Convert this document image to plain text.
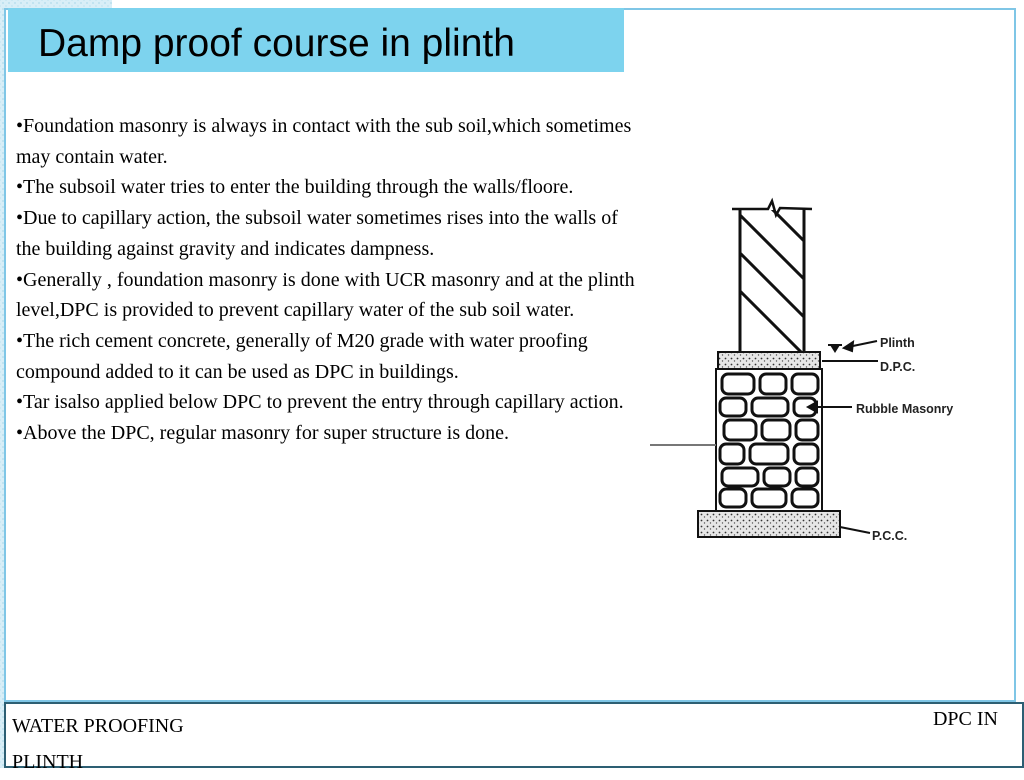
Damp proof course in plinth

•Foundation masonry is always in contact with the sub soil,which sometimes may contain water.

•The subsoil water tries to enter the building through the walls/floore.

•Due to capillary action, the subsoil water sometimes rises into the walls of the building against gravity and indicates dampness.

•Generally , foundation masonry is done with UCR masonry and at the plinth level,DPC is provided to prevent capillary water of the sub soil water.

•The rich cement concrete, generally of M20 grade with water proofing compound added to it can be used as DPC in buildings.

•Tar isalso applied below DPC to prevent the entry through capillary action.

•Above the DPC, regular masonry for super structure is done.

Plinth
D.P.C.
Rubble Masonry
P.C.C.
WATER PROOFING PLINTH
DPC IN
